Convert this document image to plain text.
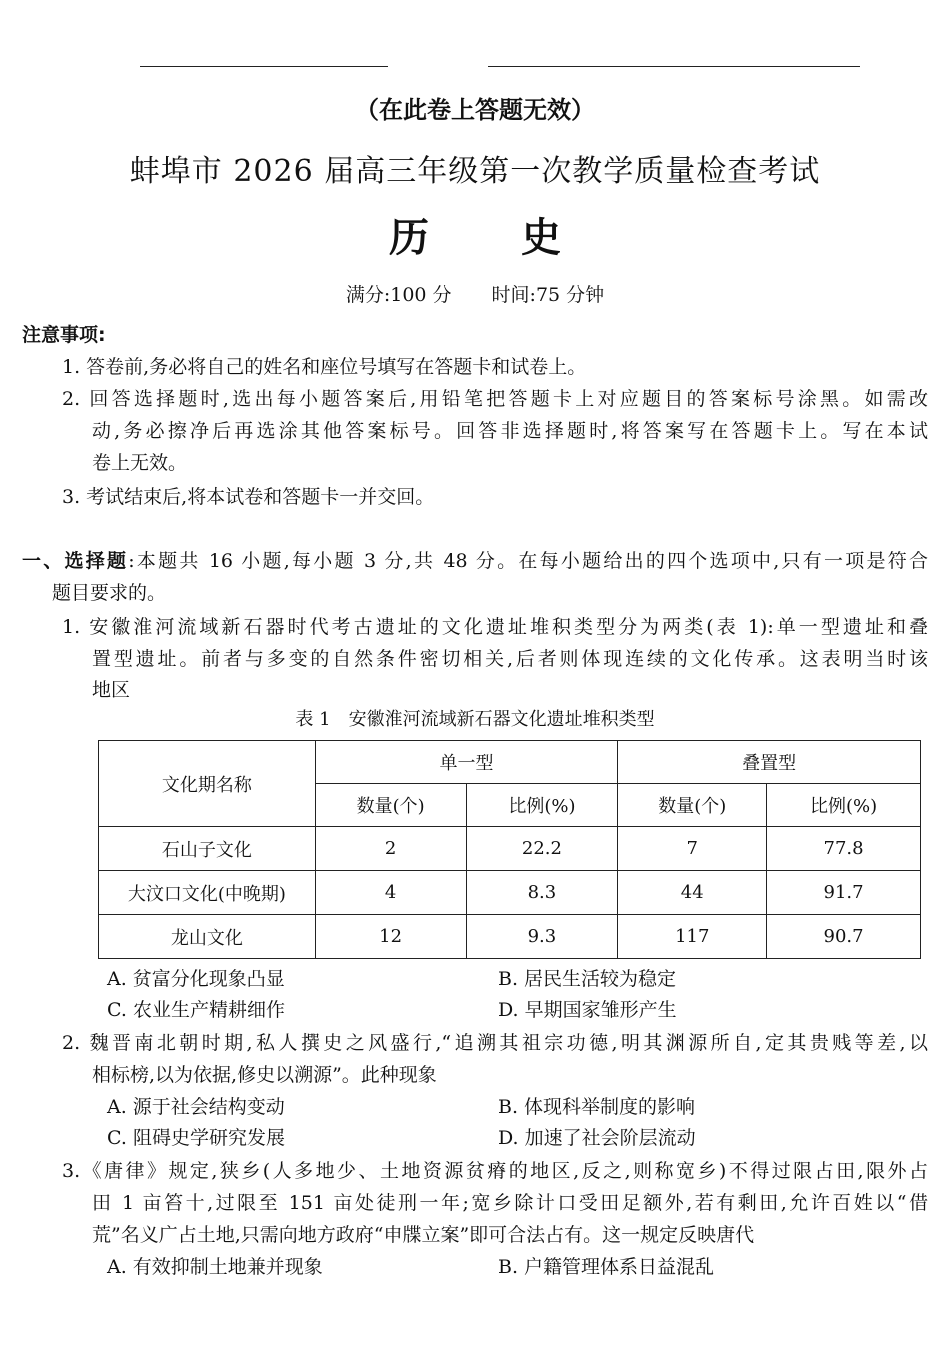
（在此卷上答题无效）
蚌埠市 2026 届高三年级第一次教学质量检查考试
历 史
满分:100 分 时间:75 分钟
注意事项:
1. 答卷前,务必将自己的姓名和座位号填写在答题卡和试卷上。
2. 回答选择题时,选出每小题答案后,用铅笔把答题卡上对应题目的答案标号涂黑。如需改
动,务必擦净后再选涂其他答案标号。回答非选择题时,将答案写在答题卡上。写在本试
卷上无效。
3. 考试结束后,将本试卷和答题卡一并交回。
一、选择题:本题共 16 小题,每小题 3 分,共 48 分。在每小题给出的四个选项中,只有一项是符合
题目要求的。
1. 安徽淮河流域新石器时代考古遗址的文化遗址堆积类型分为两类(表 1):单一型遗址和叠
置型遗址。前者与多变的自然条件密切相关,后者则体现连续的文化传承。这表明当时该
地区
表 1　安徽淮河流域新石器文化遗址堆积类型
文化期名称	单一型		叠置型	
	数量(个)	比例(%)	数量(个)	比例(%)
石山子文化	2	22.2	7	77.8
大汶口文化(中晚期)	4	8.3	44	91.7
龙山文化	12	9.3	117	90.7
A. 贫富分化现象凸显	B. 居民生活较为稳定
C. 农业生产精耕细作	D. 早期国家雏形产生
2. 魏晋南北朝时期,私人撰史之风盛行,“追溯其祖宗功德,明其渊源所自,定其贵贱等差,以
相标榜,以为依据,修史以溯源”。此种现象
A. 源于社会结构变动	B. 体现科举制度的影响
C. 阻碍史学研究发展	D. 加速了社会阶层流动
3.《唐律》规定,狭乡(人多地少、土地资源贫瘠的地区,反之,则称宽乡)不得过限占田,限外占
田 1 亩笞十,过限至 151 亩处徒刑一年;宽乡除计口受田足额外,若有剩田,允许百姓以“借
荒”名义广占土地,只需向地方政府“申牒立案”即可合法占有。这一规定反映唐代
A. 有效抑制土地兼并现象	B. 户籍管理体系日益混乱
